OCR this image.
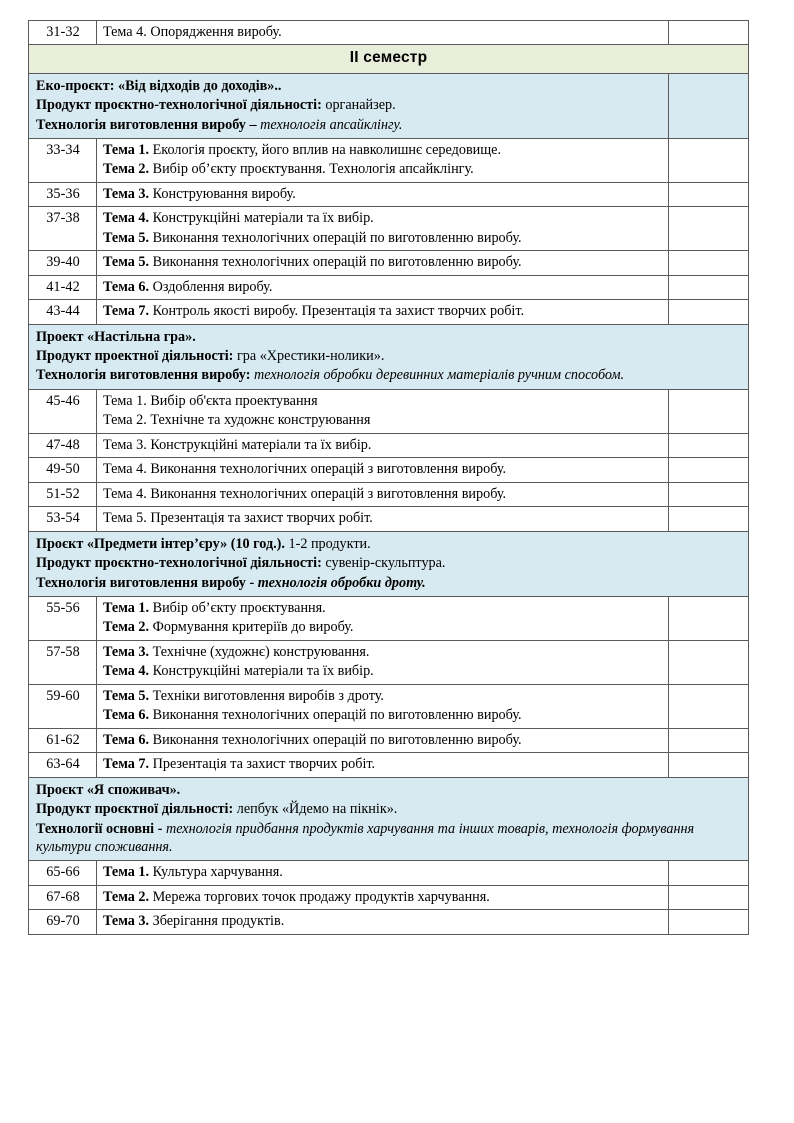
31-32	Тема 4. Опорядження виробу.	

II семестр		

Еко-проєкт: «Від відходів до доходів»..
Продукт проєктно-технологічної діяльності: органайзер.
Технологія виготовлення виробу – технологія апсайклінгу.		

33-34	Тема 1. Екологія проєкту, його вплив на навколишнє середовище.
Тема 2. Вибір об’єкту проєктування. Технологія апсайклінгу.	

35-36	Тема 3. Конструювання виробу.	

37-38	Тема 4. Конструкційні матеріали та їх вибір.
Тема 5. Виконання технологічних операцій по виготовленню виробу.	

39-40	Тема 5. Виконання технологічних операцій по виготовленню виробу.	

41-42	Тема 6. Оздоблення виробу.	

43-44	Тема 7. Контроль якості виробу. Презентація та захист творчих робіт.	

Проект «Настільна гра».
Продукт проектної діяльності: гра «Хрестики-нолики».
Технологія виготовлення виробу: технологія обробки деревинних матеріалів ручним способом.		

45-46	Тема 1. Вибір об'єкта проектування
Тема 2. Технічне та художнє конструювання	

47-48	Тема 3. Конструкційні матеріали та їх вибір.	

49-50	Тема 4. Виконання технологічних операцій з виготовлення виробу.	

51-52	Тема 4. Виконання технологічних операцій з виготовлення виробу.	

53-54	Тема 5. Презентація та захист творчих робіт.	

Проєкт «Предмети інтер’єру» (10 год.). 1-2 продукти.
Продукт проєктно-технологічної діяльності: сувенір-скульптура.
Технологія виготовлення виробу - технологія обробки дроту.		

55-56	Тема 1. Вибір об’єкту проєктування.
Тема 2. Формування критеріїв до виробу.	

57-58	Тема 3. Технічне (художнє) конструювання.
Тема 4. Конструкційні матеріали та їх вибір.	

59-60	Тема 5. Техніки виготовлення виробів з дроту.
Тема 6. Виконання технологічних операцій по виготовленню виробу.	

61-62	Тема 6. Виконання технологічних операцій по виготовленню виробу.	

63-64	Тема 7. Презентація та захист творчих робіт.	

Проєкт «Я споживач».
Продукт проєктної діяльності: лепбук «Йдемо на пікнік».
Технології основні - технологія придбання продуктів харчування та інших товарів, технологія формування культури споживання.		

65-66	Тема 1. Культура харчування.	

67-68	Тема 2. Мережа торгових точок продажу продуктів харчування.	

69-70	Тема 3. Зберігання продуктів.	
